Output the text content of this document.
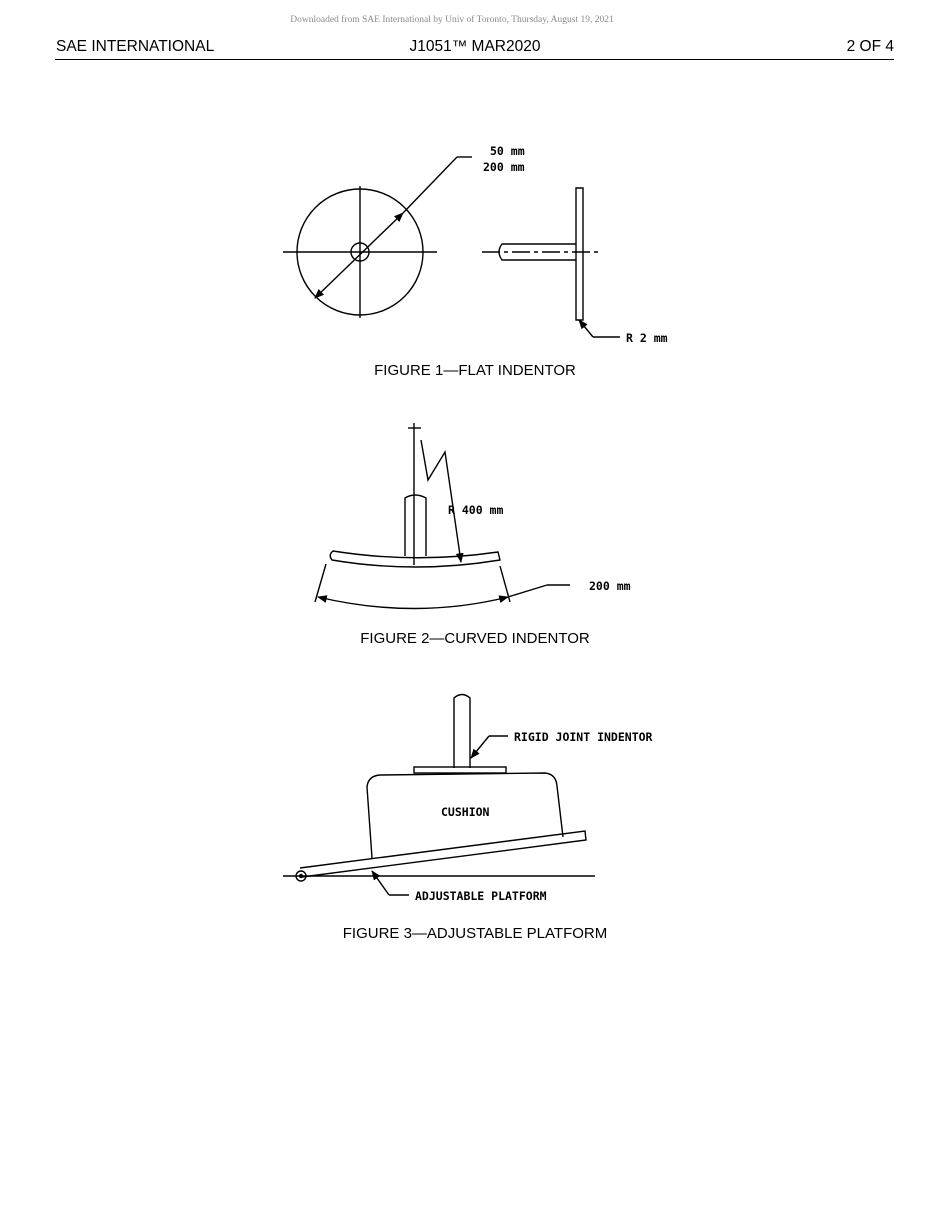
Downloaded from SAE International by Univ of Toronto, Thursday, August 19, 2021
SAE INTERNATIONAL	J1051™ MAR2020	2 OF 4
50 mm
200 mm
R 2 mm
R 400 mm
200 mm
RIGID JOINT INDENTOR
CUSHION
ADJUSTABLE PLATFORM
FIGURE 1—FLAT INDENTOR
FIGURE 2—CURVED INDENTOR
FIGURE 3—ADJUSTABLE PLATFORM
